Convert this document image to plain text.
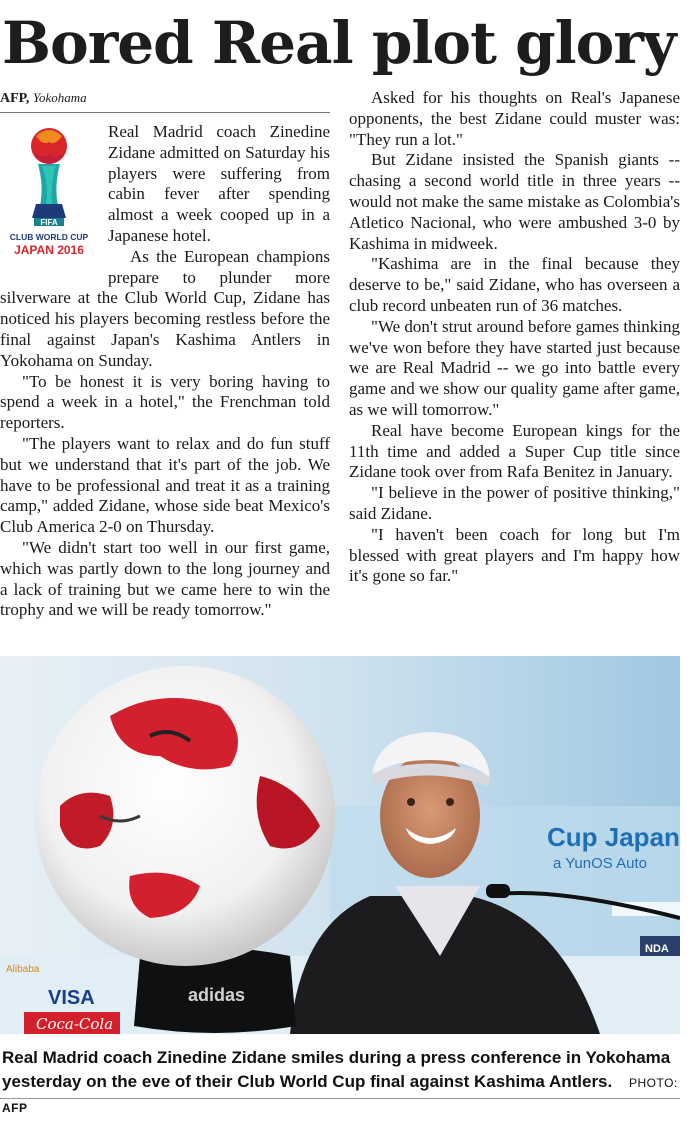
Bored Real plot glory
AFP, Yokohama
FIFA
CLUB WORLD CUP
JAPAN 2016

Real Madrid coach Zinedine Zidane admitted on Saturday his players were suffering from cabin fever after spending almost a week cooped up in a Japanese hotel.

As the European champions prepare to plunder more silverware at the Club World Cup, Zidane has noticed his players becoming restless before the final against Japan's Kashima Antlers in Yokohama on Sunday.

"To be honest it is very boring having to spend a week in a hotel," the Frenchman told reporters.

"The players want to relax and do fun stuff but we understand that it's part of the job. We have to be professional and treat it as a training camp," added Zidane, whose side beat Mexico's Club America 2-0 on Thursday.

"We didn't start too well in our first game, which was partly down to the long journey and a lack of training but we came here to win the trophy and we will be ready tomorrow."

Asked for his thoughts on Real's Japanese opponents, the best Zidane could muster was: "They run a lot."

But Zidane insisted the Spanish giants -- chasing a second world title in three years -- would not make the same mistake as Colombia's Atletico Nacional, who were ambushed 3-0 by Kashima in midweek.

"Kashima are in the final because they deserve to be," said Zidane, who has overseen a club record unbeaten run of 36 matches.

"We don't strut around before games thinking we've won before they have started just because we are Real Madrid -- we go into battle every game and we show our quality game after game, as we will tomorrow."

Real have become European kings for the 11th time and added a Super Cup title since Zidane took over from Rafa Benitez in January.

"I believe in the power of positive thinking," said Zidane.

"I haven't been coach for long but I'm blessed with great players and I'm happy how it's gone so far."

Cup Japan
a YunOS Auto
NDA
Alibaba
VISA
Coca-Cola
adidas
Real Madrid coach Zinedine Zidane smiles during a press conference in Yokohama yesterday on the eve of their Club World Cup final against Kashima Antlers. PHOTO: AFP
